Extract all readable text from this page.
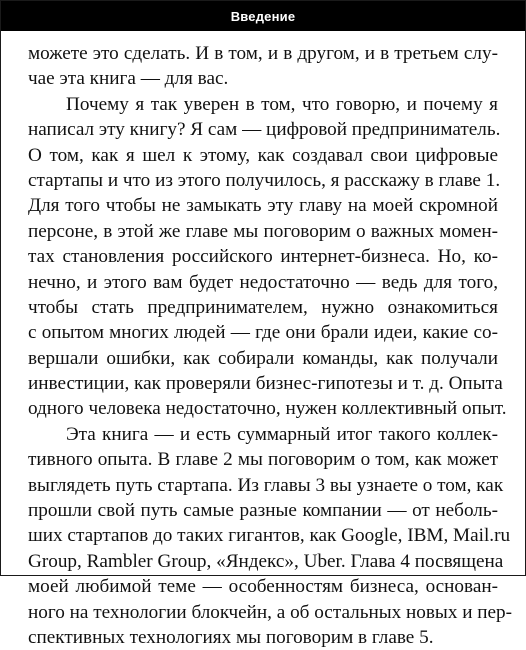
Введение
можете это сделать. И в том, и в другом, и в третьем слу-
чае эта книга — для вас.
Почему я так уверен в том, что говорю, и почему я
написал эту книгу? Я сам — цифровой предприниматель.
О том, как я шел к этому, как создавал свои цифровые
стартапы и что из этого получилось, я расскажу в главе 1.
Для того чтобы не замыкать эту главу на моей скромной
персоне, в этой же главе мы поговорим о важных момен-
тах становления российского интернет-бизнеса. Но, ко-
нечно, и этого вам будет недостаточно — ведь для того,
чтобы стать предпринимателем, нужно ознакомиться
с опытом многих людей — где они брали идеи, какие со-
вершали ошибки, как собирали команды, как получали
инвестиции, как проверяли бизнес-гипотезы и т. д. Опыта
одного человека недостаточно, нужен коллективный опыт.
Эта книга — и есть суммарный итог такого коллек-
тивного опыта. В главе 2 мы поговорим о том, как может
выглядеть путь стартапа. Из главы 3 вы узнаете о том, как
прошли свой путь самые разные компании — от неболь-
ших стартапов до таких гигантов, как Google, IBM, Mail.ru
Group, Rambler Group, «Яндекс», Uber. Глава 4 посвящена
моей любимой теме — особенностям бизнеса, основан-
ного на технологии блокчейн, а об остальных новых и пер-
спективных технологиях мы поговорим в главе 5.
